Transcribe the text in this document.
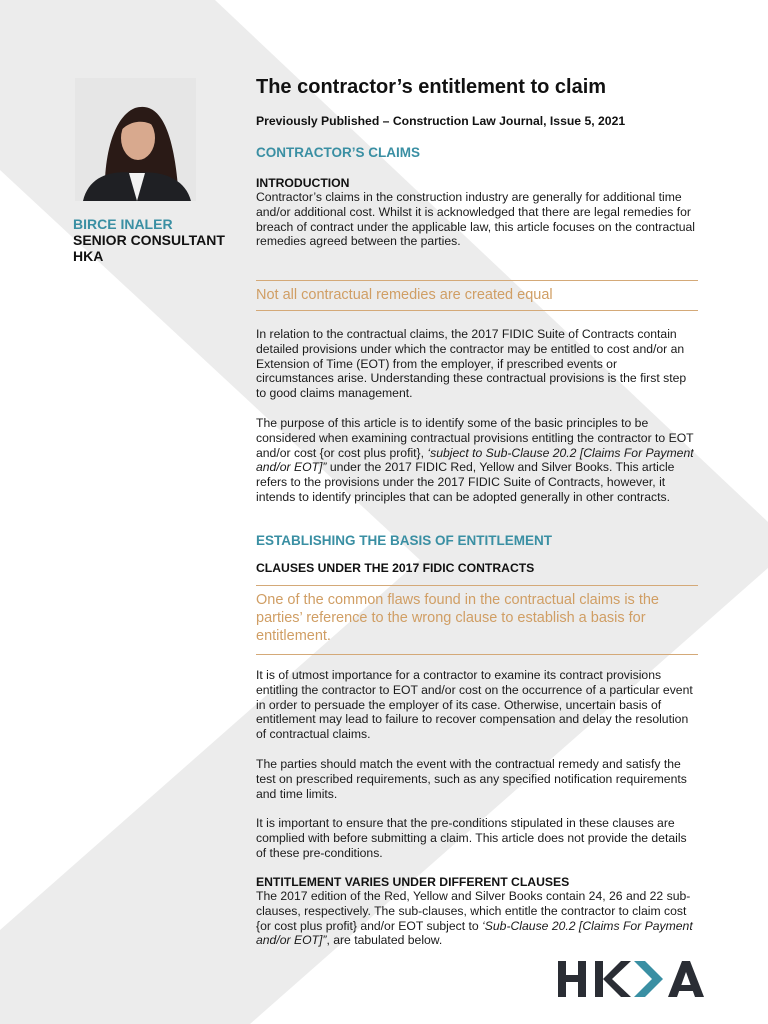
BIRCE INALER
SENIOR CONSULTANT
HKA
The contractor’s entitlement to claim
Previously Published – Construction Law Journal, Issue 5, 2021
CONTRACTOR’S CLAIMS
INTRODUCTION
Contractor’s claims in the construction industry are generally for additional time and/or additional cost. Whilst it is acknowledged that there are legal remedies for breach of contract under the applicable law, this article focuses on the contractual remedies agreed between the parties.
Not all contractual remedies are created equal
In relation to the contractual claims, the 2017 FIDIC Suite of Contracts contain detailed provisions under which the contractor may be entitled to cost and/or an Extension of Time (EOT) from the employer, if prescribed events or circumstances arise. Understanding these contractual provisions is the first step to good claims management.
The purpose of this article is to identify some of the basic principles to be considered when examining contractual provisions entitling the contractor to EOT and/or cost {or cost plus profit}, ‘subject to Sub-Clause 20.2 [Claims For Payment and/or EOT]” under the 2017 FIDIC Red, Yellow and Silver Books. This article refers to the provisions under the 2017 FIDIC Suite of Contracts, however, it intends to identify principles that can be adopted generally in other contracts.
ESTABLISHING THE BASIS OF ENTITLEMENT
CLAUSES UNDER THE 2017 FIDIC CONTRACTS
One of the common flaws found in the contractual claims is the parties’ reference to the wrong clause to establish a basis for entitlement.
It is of utmost importance for a contractor to examine its contract provisions entitling the contractor to EOT and/or cost on the occurrence of a particular event in order to persuade the employer of its case. Otherwise, uncertain basis of entitlement may lead to failure to recover compensation and delay the resolution of contractual claims.
The parties should match the event with the contractual remedy and satisfy the test on prescribed requirements, such as any specified notification requirements and time limits.
It is important to ensure that the pre-conditions stipulated in these clauses are complied with before submitting a claim. This article does not provide the details of these pre-conditions.
ENTITLEMENT VARIES UNDER DIFFERENT CLAUSES
The 2017 edition of the Red, Yellow and Silver Books contain 24, 26 and 22 sub-clauses, respectively. The sub-clauses, which entitle the contractor to claim cost {or cost plus profit} and/or EOT subject to ‘Sub-Clause 20.2 [Claims For Payment and/or EOT]”, are tabulated below.
